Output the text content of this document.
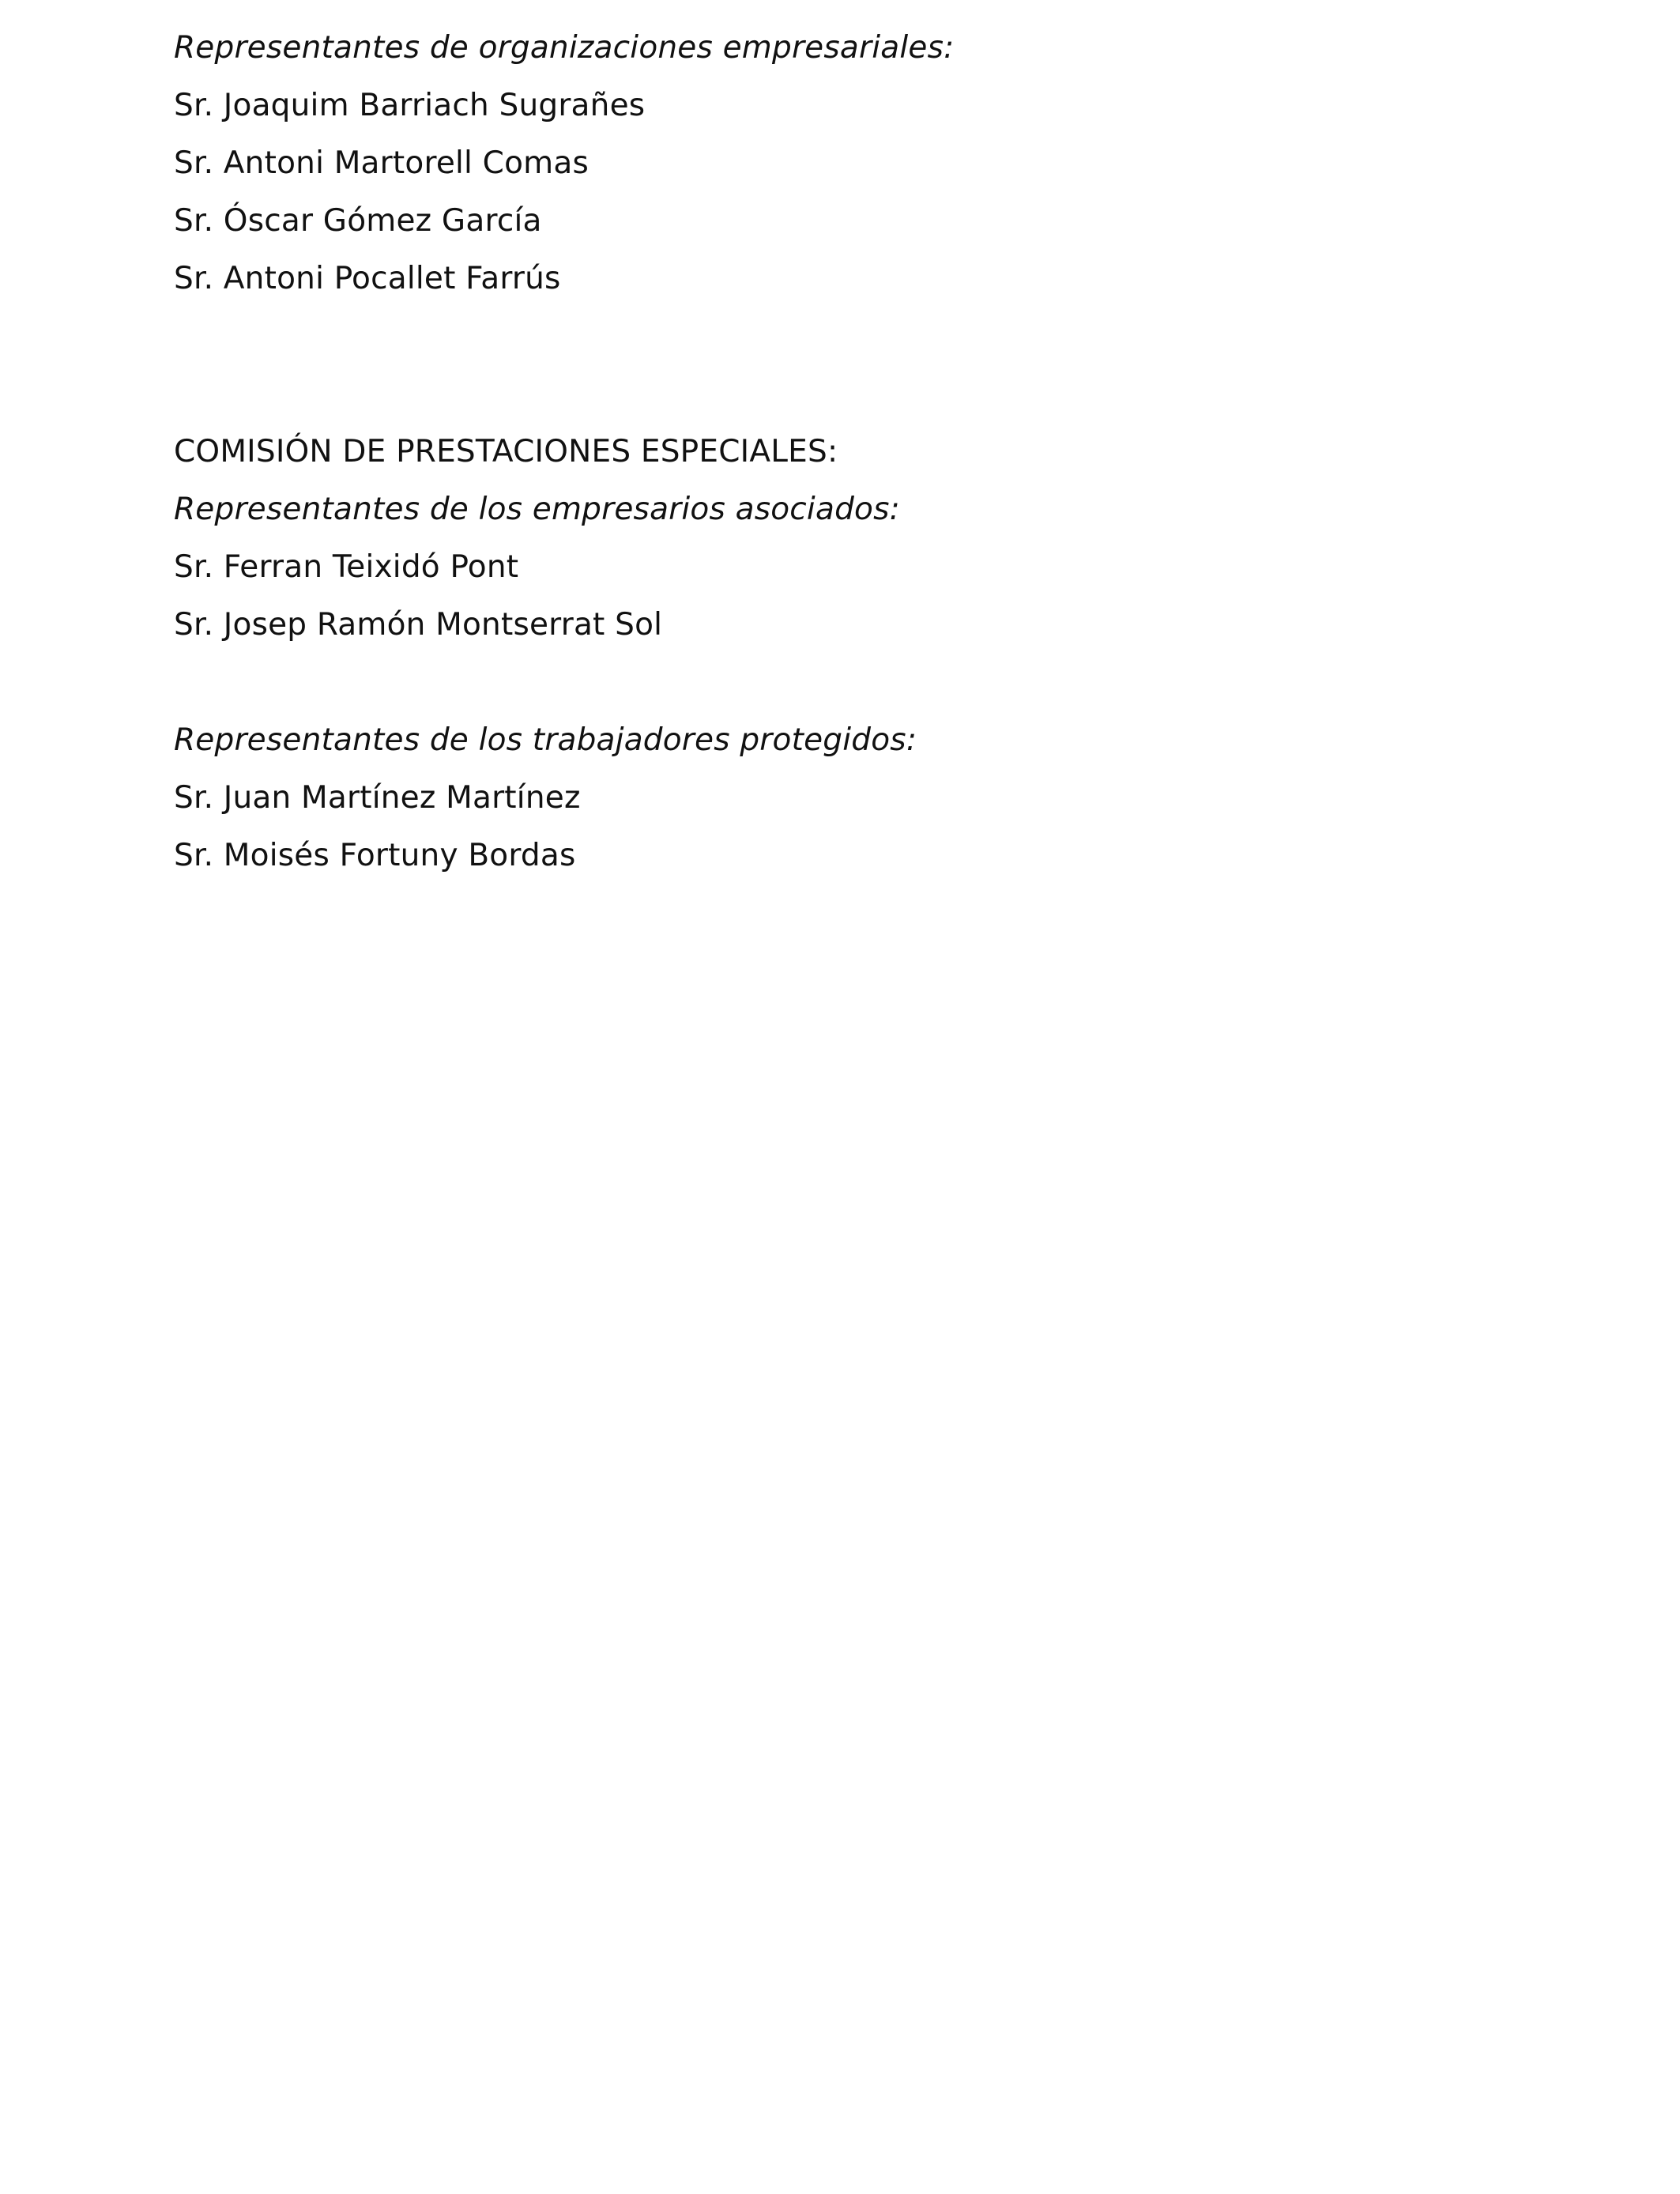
Representantes de organizaciones empresariales:
Sr. Joaquim Barriach Sugrañes
Sr. Antoni Martorell Comas
Sr. Óscar Gómez García
Sr. Antoni Pocallet Farrús
COMISIÓN DE PRESTACIONES ESPECIALES:
Representantes de los empresarios asociados:
Sr. Ferran Teixidó Pont
Sr. Josep Ramón Montserrat Sol
Representantes de los trabajadores protegidos:
Sr. Juan Martínez Martínez
Sr. Moisés Fortuny Bordas
